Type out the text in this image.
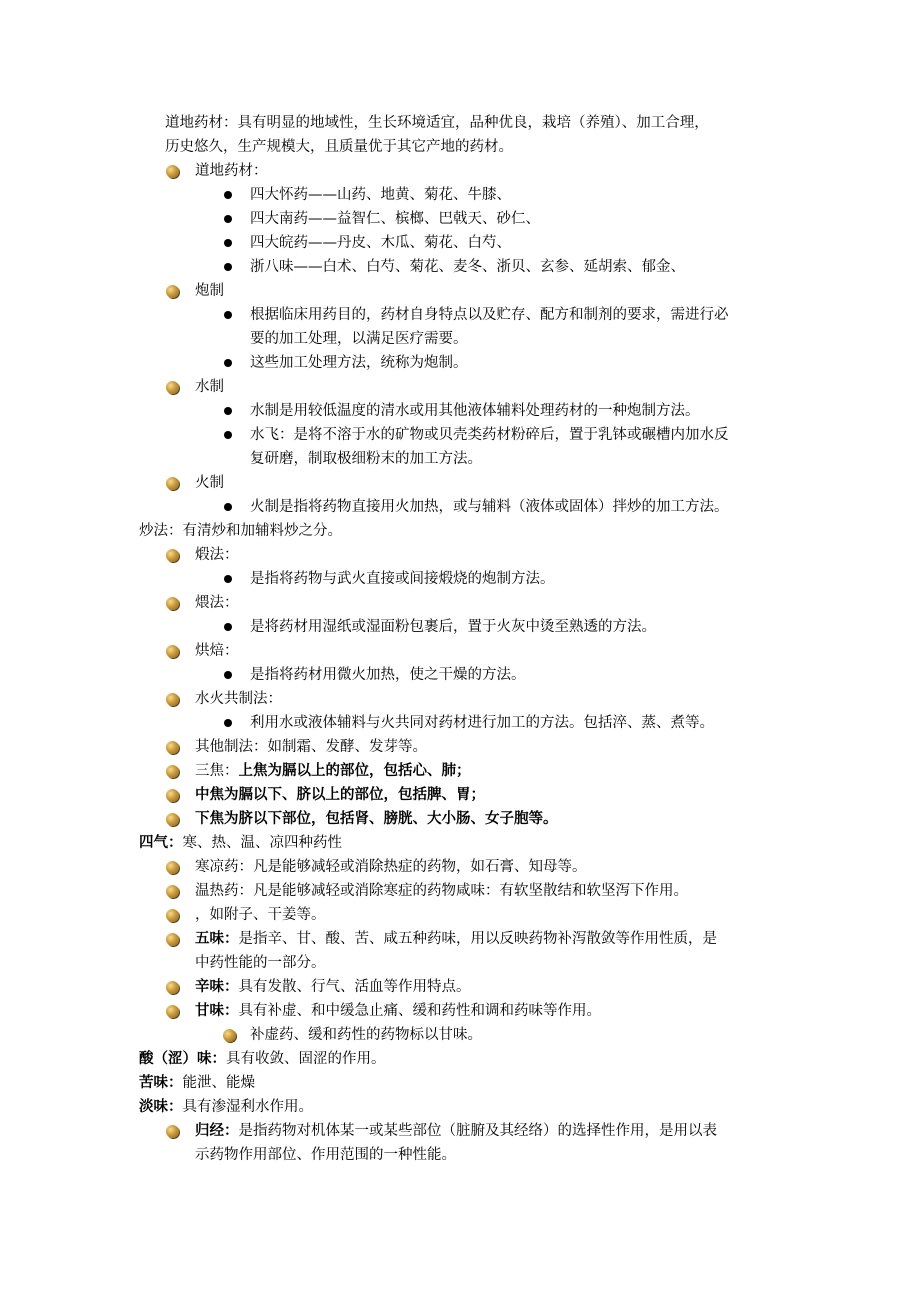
道地药材：具有明显的地域性，生长环境适宜，品种优良，栽培（养殖）、加工合理，
历史悠久，生产规模大，且质量优于其它产地的药材。
道地药材：
四大怀药——山药、地黄、菊花、牛膝、
四大南药——益智仁、槟榔、巴戟天、砂仁、
四大皖药——丹皮、木瓜、菊花、白芍、
浙八味——白术、白芍、菊花、麦冬、浙贝、玄参、延胡索、郁金、
炮制
根据临床用药目的，药材自身特点以及贮存、配方和制剂的要求，需进行必
要的加工处理，以满足医疗需要。
这些加工处理方法，统称为炮制。
水制
水制是用较低温度的清水或用其他液体辅料处理药材的一种炮制方法。
水飞：是将不溶于水的矿物或贝壳类药材粉碎后，置于乳钵或碾槽内加水反
复研磨，制取极细粉末的加工方法。
火制
火制是指将药物直接用火加热，或与辅料（液体或固体）拌炒的加工方法。
炒法：有清炒和加辅料炒之分。
煅法：
是指将药物与武火直接或间接煅烧的炮制方法。
煨法：
是将药材用湿纸或湿面粉包裹后，置于火灰中烫至熟透的方法。
烘焙：
是指将药材用微火加热，使之干燥的方法。
水火共制法：
利用水或液体辅料与火共同对药材进行加工的方法。包括淬、蒸、煮等。
其他制法：如制霜、发酵、发芽等。
三焦：上焦为膈以上的部位，包括心、肺；
中焦为膈以下、脐以上的部位，包括脾、胃；
下焦为脐以下部位，包括肾、膀胱、大小肠、女子胞等。
四气：寒、热、温、凉四种药性
寒凉药：凡是能够减轻或消除热症的药物，如石膏、知母等。
温热药：凡是能够减轻或消除寒症的药物咸味：有软坚散结和软坚泻下作用。
，如附子、干姜等。
五味：是指辛、甘、酸、苦、咸五种药味，用以反映药物补泻散敛等作用性质，是
中药性能的一部分。
辛味：具有发散、行气、活血等作用特点。
甘味：具有补虚、和中缓急止痛、缓和药性和调和药味等作用。
补虚药、缓和药性的药物标以甘味。
酸（涩）味：具有收敛、固涩的作用。
苦味：能泄、能燥
淡味：具有渗湿利水作用。
归经：是指药物对机体某一或某些部位（脏腑及其经络）的选择性作用，是用以表
示药物作用部位、作用范围的一种性能。
